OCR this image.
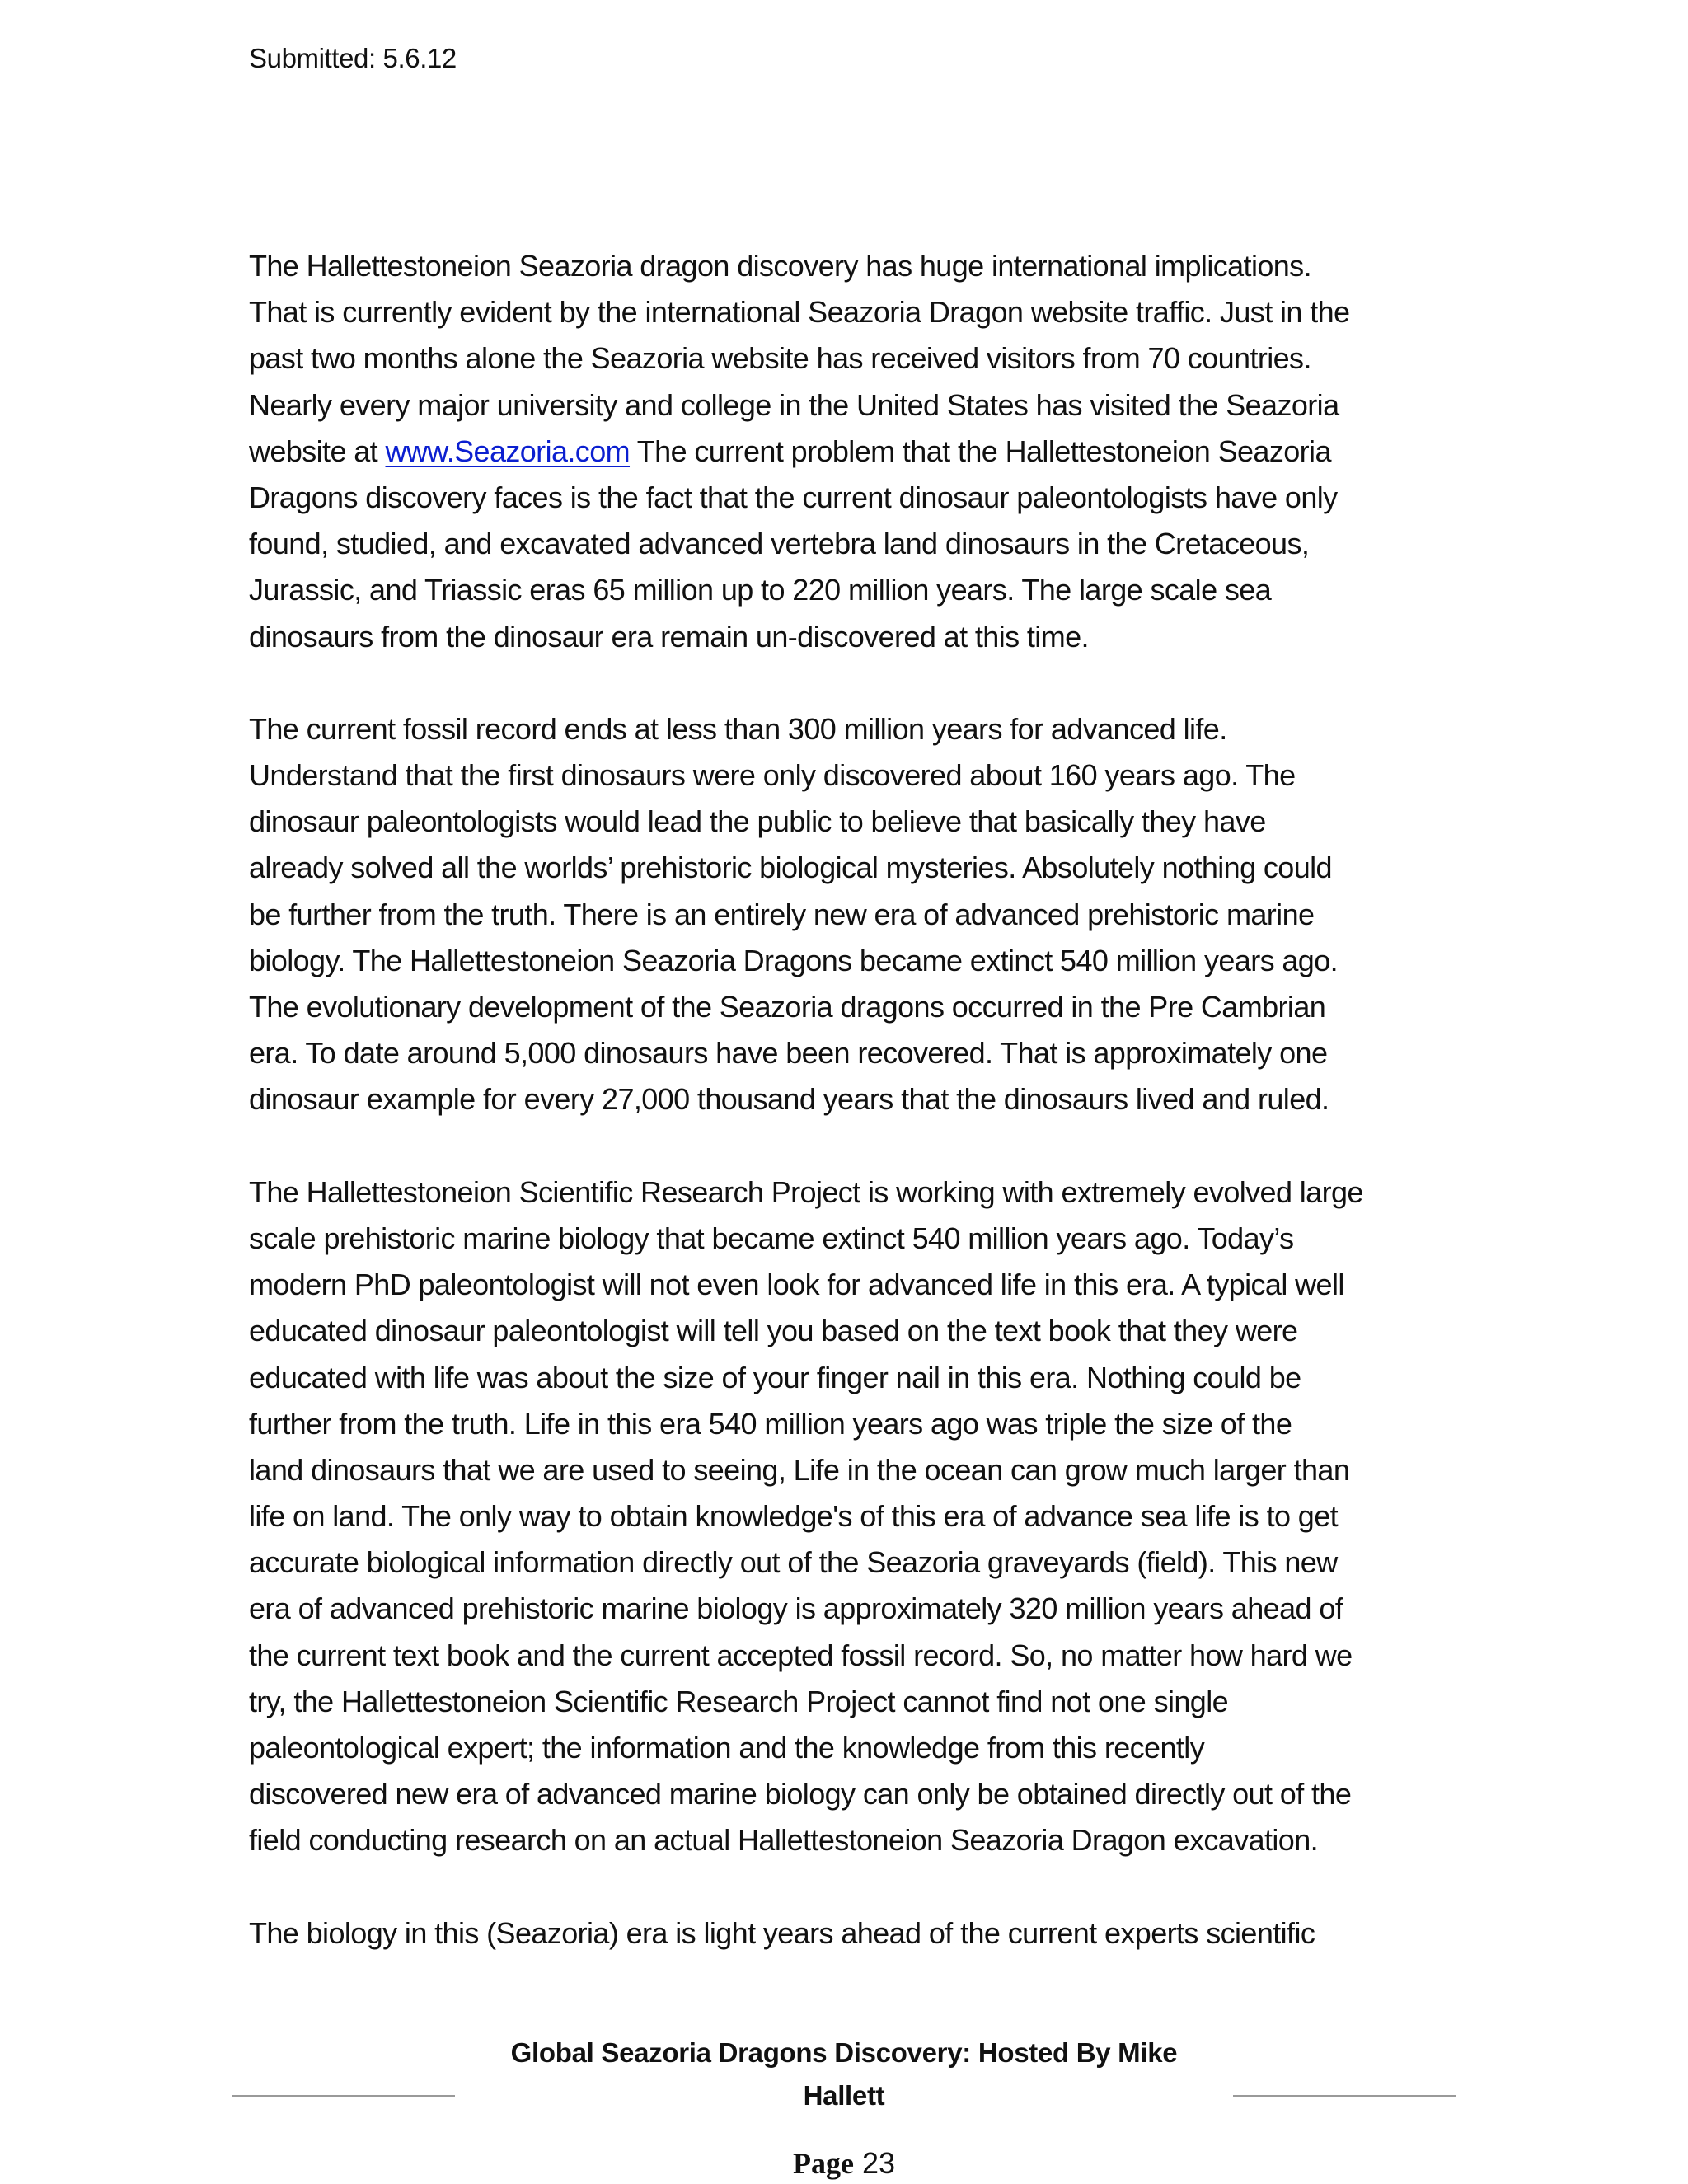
Submitted: 5.6.12
The Hallettestoneion Seazoria dragon discovery has huge international implications.
That is currently evident by the international Seazoria Dragon website traffic. Just in the
past two months alone the Seazoria website has received visitors from 70 countries.
Nearly every major university and college in the United States has visited the Seazoria
website at www.Seazoria.com The current problem that the Hallettestoneion Seazoria
Dragons discovery faces is the fact that the current dinosaur paleontologists have only
found, studied, and excavated advanced vertebra land dinosaurs in the Cretaceous,
Jurassic, and Triassic eras 65 million up to 220 million years. The large scale sea
dinosaurs from the dinosaur era remain un-discovered at this time.
The current fossil record ends at less than 300 million years for advanced life.
Understand that the first dinosaurs were only discovered about 160 years ago. The
dinosaur paleontologists would lead the public to believe that basically they have
already solved all the worlds’ prehistoric biological mysteries. Absolutely nothing could
be further from the truth. There is an entirely new era of advanced prehistoric marine
biology. The Hallettestoneion Seazoria Dragons became extinct 540 million years ago.
The evolutionary development of the Seazoria dragons occurred in the Pre Cambrian
era. To date around 5,000 dinosaurs have been recovered. That is approximately one
dinosaur example for every 27,000 thousand years that the dinosaurs lived and ruled.
The Hallettestoneion Scientific Research Project is working with extremely evolved large
scale prehistoric marine biology that became extinct 540 million years ago. Today’s
modern PhD paleontologist will not even look for advanced life in this era. A typical well
educated dinosaur paleontologist will tell you based on the text book that they were
educated with life was about the size of your finger nail in this era. Nothing could be
further from the truth. Life in this era 540 million years ago was triple the size of the
land dinosaurs that we are used to seeing, Life in the ocean can grow much larger than
life on land. The only way to obtain knowledge's of this era of advance sea life is to get
accurate biological information directly out of the Seazoria graveyards (field). This new
era of advanced prehistoric marine biology is approximately 320 million years ahead of
the current text book and the current accepted fossil record. So, no matter how hard we
try, the Hallettestoneion Scientific Research Project cannot find not one single
paleontological expert; the information and the knowledge from this recently
discovered new era of advanced marine biology can only be obtained directly out of the
field conducting research on an actual Hallettestoneion Seazoria Dragon excavation.
The biology in this (Seazoria) era is light years ahead of the current experts scientific
Global Seazoria Dragons Discovery: Hosted By Mike
Hallett
Page 23
